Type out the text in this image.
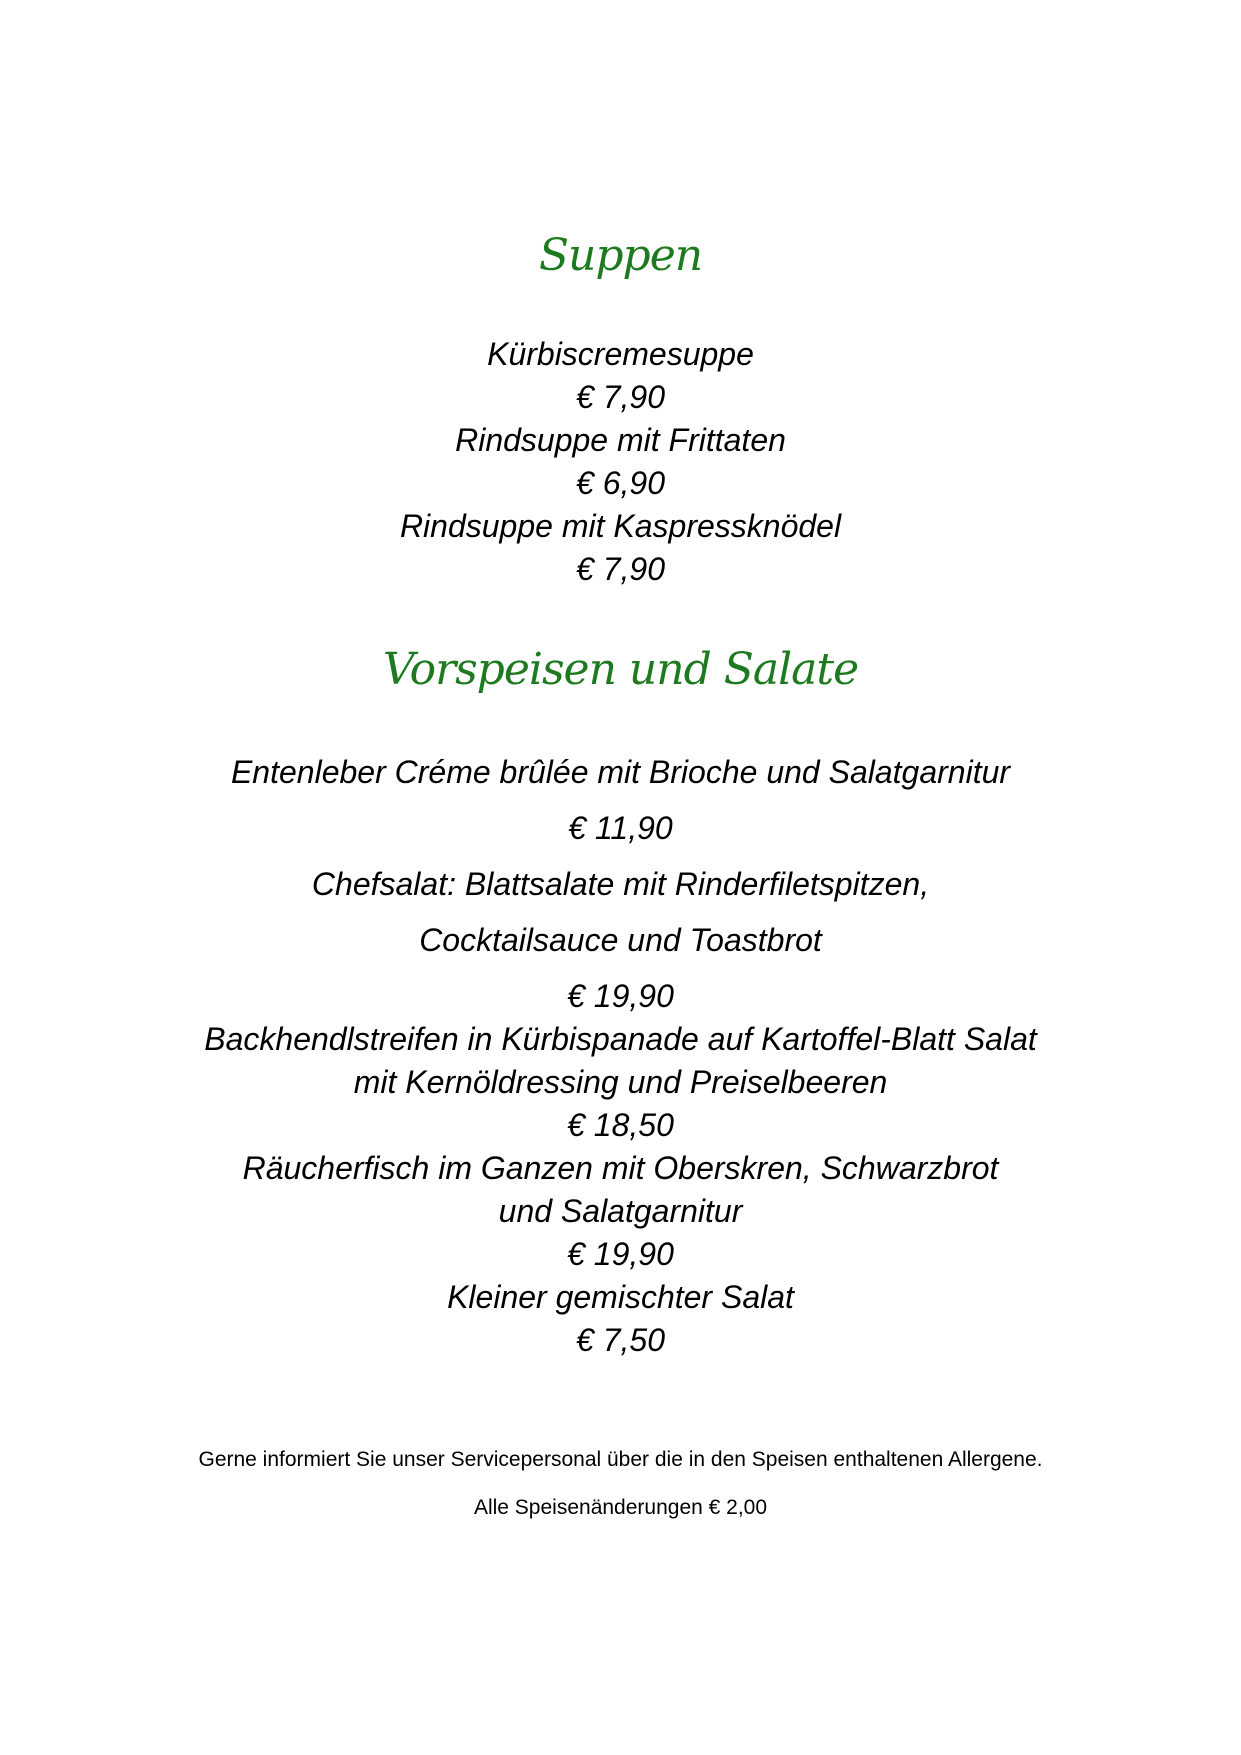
Suppen
Kürbiscremesuppe
€ 7,90
Rindsuppe mit Frittaten
€ 6,90
Rindsuppe mit Kaspressknödel
€ 7,90
Vorspeisen und Salate
Entenleber Créme brûlée mit Brioche und Salatgarnitur
€ 11,90
Chefsalat: Blattsalate mit Rinderfiletspitzen,
Cocktailsauce und Toastbrot
€ 19,90
Backhendlstreifen in Kürbispanade auf Kartoffel-Blatt Salat
mit Kernöldressing und Preiselbeeren
€ 18,50
Räucherfisch im Ganzen mit Oberskren, Schwarzbrot
und Salatgarnitur
€ 19,90
Kleiner gemischter Salat
€ 7,50
Gerne informiert Sie unser Servicepersonal über die in den Speisen enthaltenen Allergene.
Alle Speisenänderungen € 2,00
